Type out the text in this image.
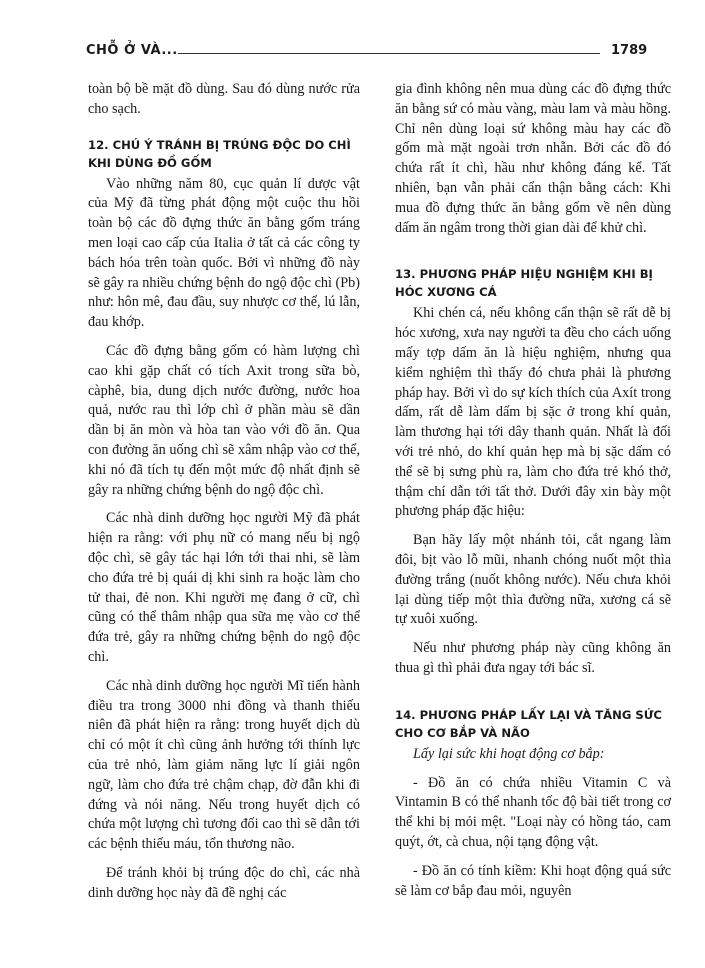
CHỖ Ở VÀ...	1789

toàn bộ bề mặt đồ dùng. Sau đó dùng nước rửa cho sạch.

12. CHÚ Ý TRÁNH BỊ TRÚNG ĐỘC DO CHÌ KHI DÙNG ĐỒ GỐM

Vào những năm 80, cục quản lí dược vật của Mỹ đã từng phát động một cuộc thu hồi toàn bộ các đồ đựng thức ăn bằng gốm tráng men loại cao cấp của Italia ở tất cả các công ty bách hóa trên toàn quốc. Bởi vì những đồ này sẽ gây ra nhiều chứng bệnh do ngộ độc chì (Pb) như: hôn mê, đau đầu, suy nhược cơ thể, lú lẫn, đau khớp.

Các đồ đựng bằng gốm có hàm lượng chì cao khi gặp chất có tích Axit trong sữa bò, càphê, bia, dung dịch nước đường, nước hoa quả, nước rau thì lớp chì ở phần màu sẽ dần dần bị ăn mòn và hòa tan vào với đồ ăn. Qua con đường ăn uống chì sẽ xâm nhập vào cơ thể, khi nó đã tích tụ đến một mức độ nhất định sẽ gây ra những chứng bệnh do ngộ độc chì.

Các nhà dinh dưỡng học người Mỹ đã phát hiện ra rằng: với phụ nữ có mang nếu bị ngộ độc chì, sẽ gây tác hại lớn tới thai nhi, sẽ làm cho đứa trẻ bị quái dị khi sinh ra hoặc làm cho tử thai, đẻ non. Khi người mẹ đang ở cữ, chì cũng có thể thâm nhập qua sữa mẹ vào cơ thể đứa trẻ, gây ra những chứng bệnh do ngộ độc chì.

Các nhà dinh dưỡng học người Mĩ tiến hành điều tra trong 3000 nhi đồng và thanh thiếu niên đã phát hiện ra rằng: trong huyết dịch dù chỉ có một ít chì cũng ảnh hưởng tới thính lực của trẻ nhỏ, làm giảm năng lực lí giải ngôn ngữ, làm cho đứa trẻ chậm chạp, đờ đẫn khi đi đứng và nói năng. Nếu trong huyết dịch có chứa một lượng chì tương đối cao thì sẽ dẫn tới các bệnh thiếu máu, tổn thương não.

Để tránh khỏi bị trúng độc do chì, các nhà dinh dưỡng học này đã đề nghị các

gia đình không nên mua dùng các đồ đựng thức ăn bằng sứ có màu vàng, màu lam và màu hồng. Chỉ nên dùng loại sứ không màu hay các đồ gốm mà mặt ngoài trơn nhẵn. Bởi các đồ đó chứa rất ít chì, hầu như không đáng kể. Tất nhiên, bạn vẫn phải cẩn thận bằng cách: Khi mua đồ đựng thức ăn bằng gốm về nên dùng dấm ăn ngâm trong thời gian dài để khử chì.

13. PHƯƠNG PHÁP HIỆU NGHIỆM KHI BỊ HÓC XƯƠNG CÁ

Khi chén cá, nếu không cẩn thận sẽ rất dễ bị hóc xương, xưa nay người ta đều cho cách uống mấy tợp dấm ăn là hiệu nghiệm, nhưng qua kiểm nghiệm thì thấy đó chưa phải là phương pháp hay. Bởi vì do sự kích thích của Axít trong dấm, rất dễ làm dấm bị sặc ở trong khí quản, làm thương hại tới dây thanh quản. Nhất là đối với trẻ nhỏ, do khí quản hẹp mà bị sặc dấm có thể sẽ bị sưng phù ra, làm cho đứa trẻ khó thở, thậm chí dẫn tới tất thở. Dưới đây xin bày một phương pháp đặc hiệu:

Bạn hãy lấy một nhánh tỏi, cắt ngang làm đôi, bịt vào lỗ mũi, nhanh chóng nuốt một thìa đường trắng (nuốt không nước). Nếu chưa khỏi lại dùng tiếp một thìa đường nữa, xương cá sẽ tự xuôi xuống.

Nếu như phương pháp này cũng không ăn thua gì thì phải đưa ngay tới bác sĩ.

14. PHƯƠNG PHÁP LẤY LẠI VÀ TĂNG SỨC CHO CƠ BẮP VÀ NÃO

Lấy lại sức khi hoạt động cơ bắp:

- Đồ ăn có chứa nhiều Vitamin C và Vintamin B có thể nhanh tốc độ bài tiết trong cơ thể khi bị mỏi mệt. "Loại này có hồng táo, cam quýt, ớt, cà chua, nội tạng động vật.

- Đồ ăn có tính kiềm: Khi hoạt động quá sức sẽ làm cơ bắp đau mỏi, nguyên
